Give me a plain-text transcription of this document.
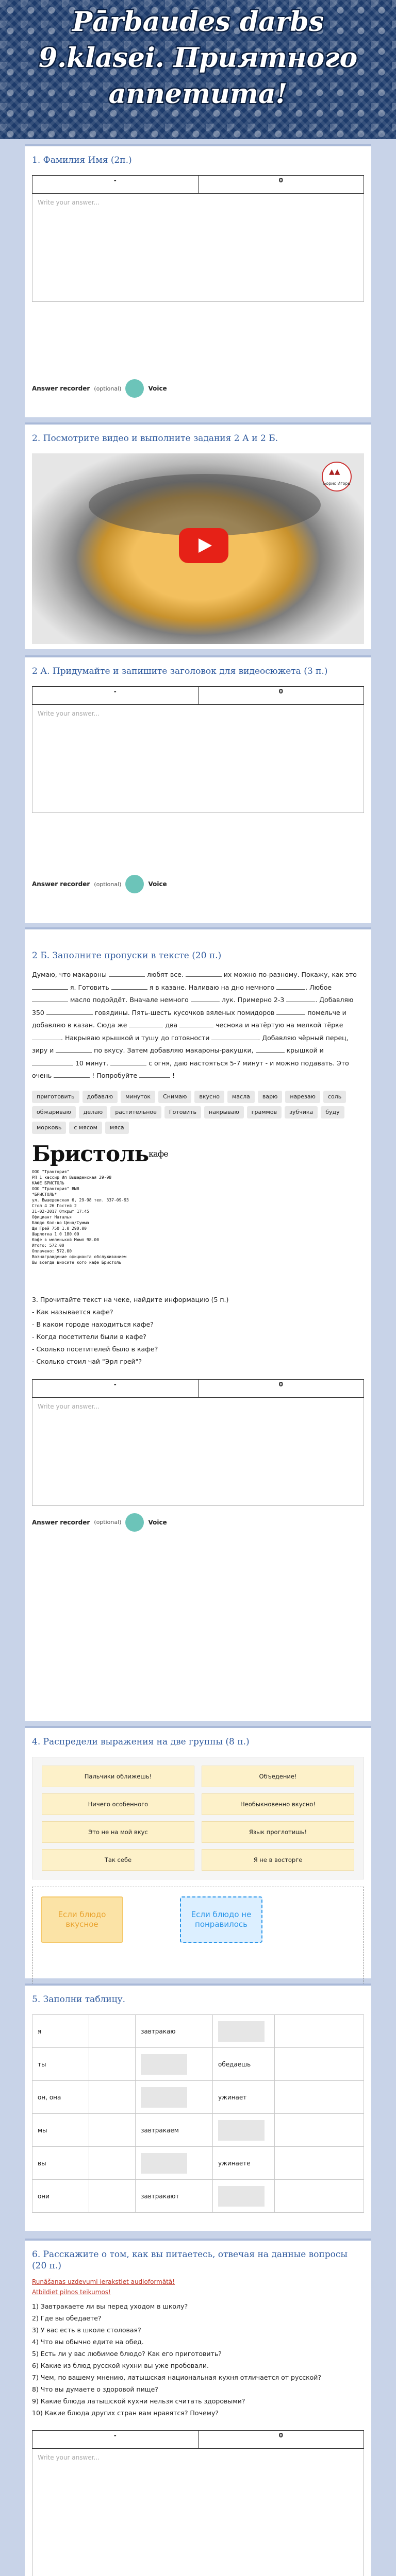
Pārbaudes darbs
9.klasei. Приятного
аппетита!
1. Фамилия Имя (2п.)
-	0
Write your answer...
Answer recorder (optional)	Voice
2. Посмотрите видео и выполните задания 2 А и 2 Б.
▲▲ Борис Игорь
2 А. Придумайте и запишите заголовок для видеосюжета (3 п.)
-	0
Write your answer...
Answer recorder (optional)	Voice
2 Б. Заполните пропуски в тексте (20 п.)
Думаю, что макароны	любят все.	их можно по-разному. Покажу, как это  я. Готовить	я в казане. Наливаю на дно немного	. Любое  масло подойдёт. Вначале немного	лук. Примерно 2-3	. Добавляю 350	говядины. Пять-шесть кусочков вяленых помидоров	помельче и добавляю в казан. Сюда же	два	чеснока и натёртую на мелкой тёрке . Накрываю крышкой и тушу до готовности	. Добавляю чёрный перец, зиру и	по вкусу. Затем добавляю макароны-ракушки,	крышкой и  10 минут.	с огня, даю настояться 5-7 минут - и можно подавать. Это очень	! Попробуйте	!
приготовить	добавлю	минуток	Снимаю	вкусно	масла	варю	нарезаю	соль
обжариваю	делаю	растительное	Готовить	накрываю	граммов	зубчика	буду
морковь	с мясом	мяса
Бристоль$^{кафе}$
ООО "Трактория"
РП 1 кассир Ип Вышеденская 29-98
КАФЕ БРИСТОЛЬ
ООО "Трактория" ВЫВ
*БРИСТОЛЬ*
ул. Вышеденская 6, 29-98 тел. 337-09-93
Стол 4 26 Гостей 2
21-02-2017 Открыт 17:45
Официант Наталья
Блюдо Кол-во Цена/Сумма
Щи Грей 750 1.0 290.00
Шарлотка 1.0 180.00
Кофе в меленькой Мюмл 98.00
Итого: 572.00
Оплачено: 572.00
Вознаграждение официанта обслуживанием
Вы всегда вносите кого кафе Бристоль
3. Прочитайте текст на чеке, найдите информацию (5 п.)
- Как называется кафе?
- В каком городе находиться кафе?
- Когда посетители были в кафе?
- Сколько посетителей было в кафе?
- Сколько стоил чай "Эрл грей"?
-	0
Write your answer...
Answer recorder (optional)	Voice
4. Распредели выражения на две группы (8 п.)
Пальчики оближешь!	Объедение!
Ничего особенного	Необыкновенно вкусно!
Это не на мой вкус	Язык проглотишь!
Так себе	Я не в восторге
Если блюдо вкусное
Если блюдо не понравилось
5. Заполни таблицу.
я		завтракаю		
ты			обедаешь	
он, она			ужинает	
мы		завтракаем		
вы			ужинаете	
они		завтракают		
6. Расскажите о том, как вы питаетесь, отвечая на данные вопросы (20 п.)
Runāšanas uzdevumi ierakstiet audioformātā!
Atbildiet pilnos teikumos!
1) Завтракаете ли вы перед уходом в школу?
2) Где вы обедаете?
3) У вас есть в школе столовая?
4) Что вы обычно едите на обед.
5) Есть ли у вас любимое блюдо? Как его приготовить?
6) Какие из блюд русской кухни вы уже пробовали.
7) Чем, по вашему мнению, латышская национальная кухня отличается от русской?
8) Что вы думаете о здоровой пище?
9) Какие блюда латышской кухни нельзя считать здоровыми?
10) Какие блюда других стран вам нравятся? Почему?
-	0
Write your answer...
